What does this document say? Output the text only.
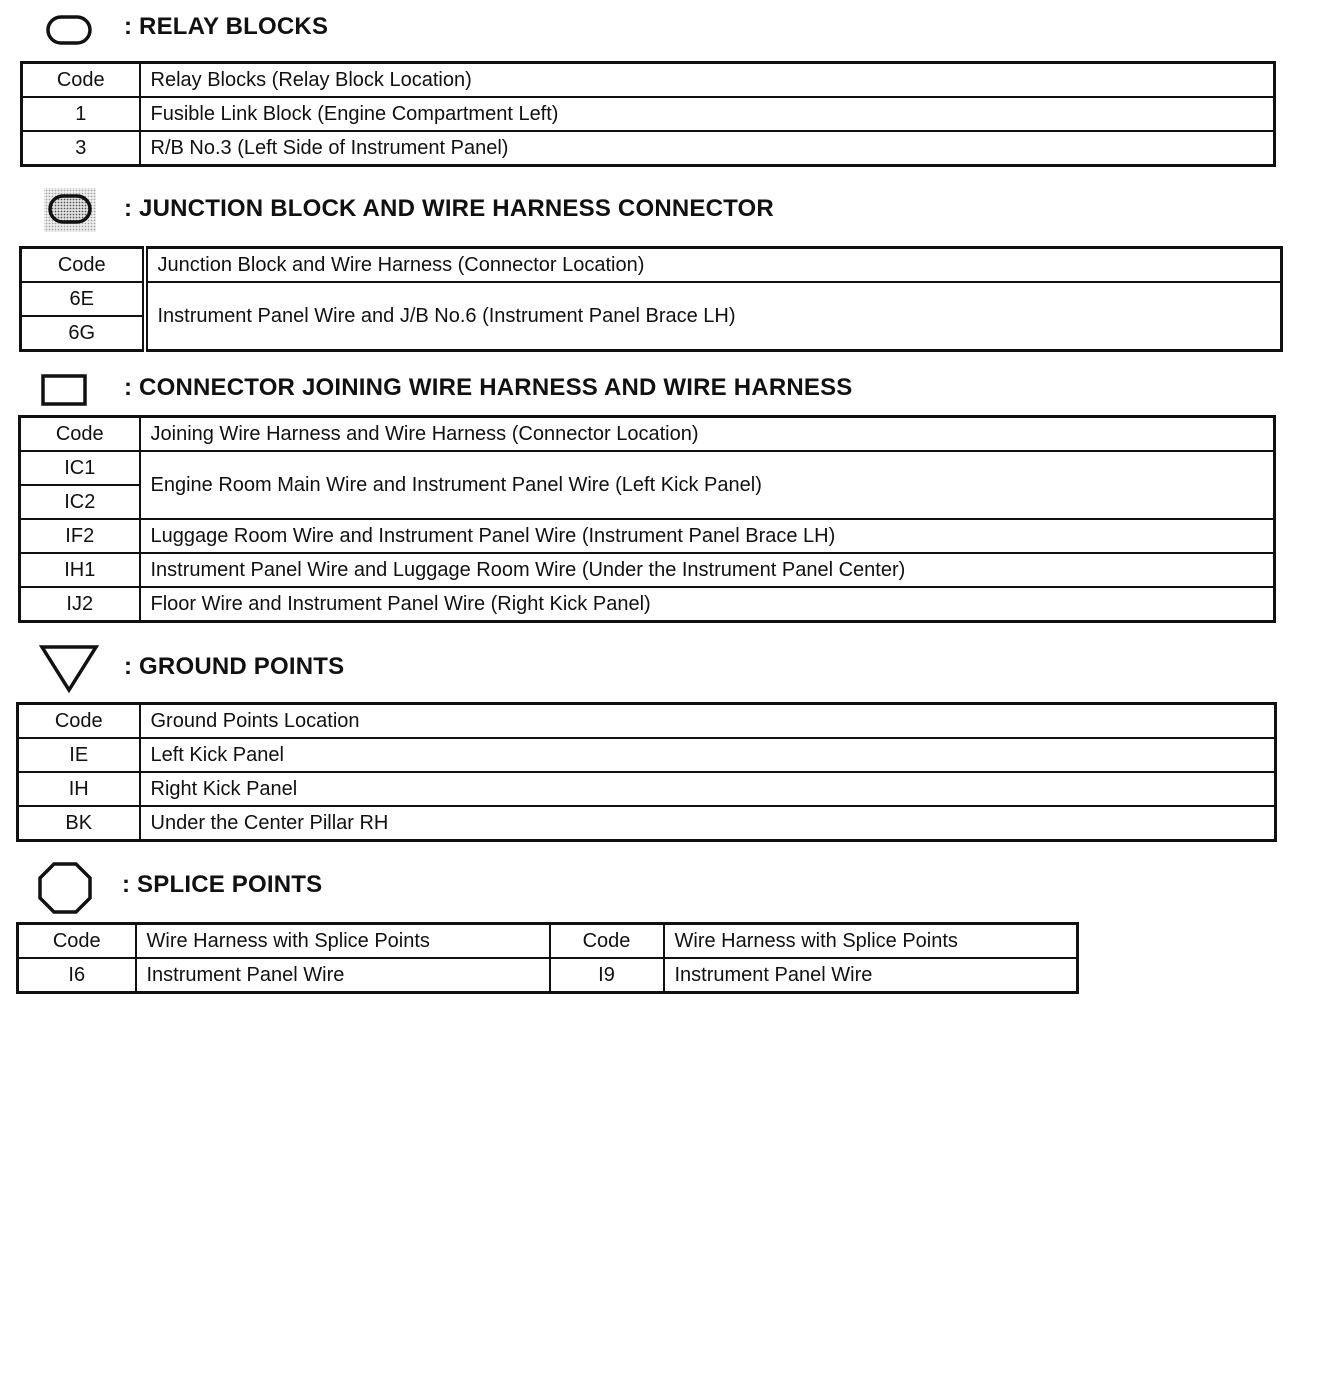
: RELAY BLOCKS
Code	Relay Blocks (Relay Block Location)
1	Fusible Link Block (Engine Compartment Left)
3	R/B No.3 (Left Side of Instrument Panel)
: JUNCTION BLOCK AND WIRE HARNESS CONNECTOR
Code	Junction Block and Wire Harness (Connector Location)
6E	Instrument Panel Wire and J/B No.6 (Instrument Panel Brace LH)
6G	
: CONNECTOR JOINING WIRE HARNESS AND WIRE HARNESS
Code	Joining Wire Harness and Wire Harness (Connector Location)
IC1	Engine Room Main Wire and Instrument Panel Wire (Left Kick Panel)
IC2	
IF2	Luggage Room Wire and Instrument Panel Wire (Instrument Panel Brace LH)
IH1	Instrument Panel Wire and Luggage Room Wire (Under the Instrument Panel Center)
IJ2	Floor Wire and Instrument Panel Wire (Right Kick Panel)
: GROUND POINTS
Code	Ground Points Location
IE	Left Kick Panel
IH	Right Kick Panel
BK	Under the Center Pillar RH
: SPLICE POINTS
Code	Wire Harness with Splice Points	Code	Wire Harness with Splice Points
I6	Instrument Panel Wire	I9	Instrument Panel Wire
